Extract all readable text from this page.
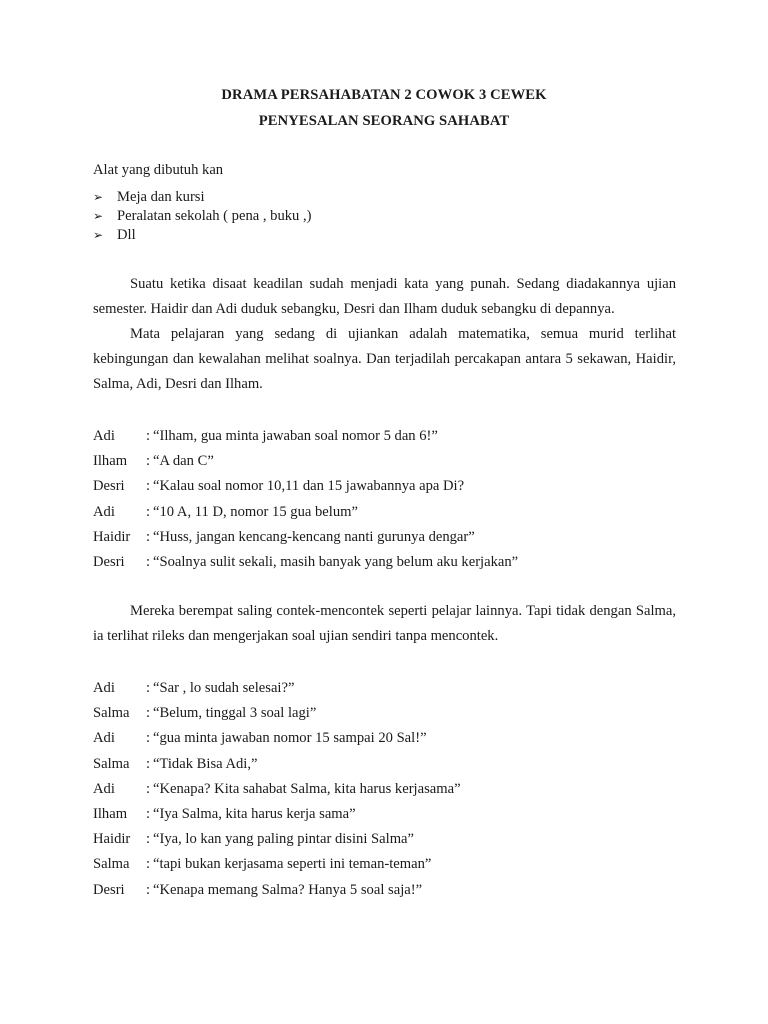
DRAMA PERSAHABATAN 2 COWOK 3 CEWEK
PENYESALAN SEORANG SAHABAT
Alat yang dibutuh kan
➢ Meja dan kursi
➢ Peralatan sekolah ( pena , buku ,)
➢ Dll

Suatu ketika disaat keadilan sudah menjadi kata yang punah. Sedang diadakannya ujian semester. Haidir dan Adi duduk sebangku, Desri dan Ilham duduk sebangku di depannya.

Mata pelajaran yang sedang di ujiankan adalah matematika, semua murid terlihat kebingungan dan kewalahan melihat soalnya. Dan terjadilah percakapan antara 5 sekawan, Haidir, Salma, Adi, Desri dan Ilham.

Adi	: “Ilham, gua minta jawaban soal nomor 5 dan 6!”
Ilham	: “A dan C”
Desri	: “Kalau soal nomor 10,11 dan 15 jawabannya apa Di?
Adi	: “10 A, 11 D, nomor 15 gua belum”
Haidir	: “Huss, jangan kencang-kencang nanti gurunya dengar”
Desri	: “Soalnya sulit sekali, masih banyak yang belum aku kerjakan”

Mereka berempat saling contek-mencontek seperti pelajar lainnya. Tapi tidak dengan Salma, ia terlihat rileks dan mengerjakan soal ujian sendiri tanpa mencontek.

Adi	: “Sar , lo sudah selesai?”
Salma	: “Belum, tinggal 3 soal lagi”
Adi	: “gua minta jawaban nomor 15 sampai 20 Sal!”
Salma	: “Tidak Bisa Adi,”
Adi	: “Kenapa? Kita sahabat Salma, kita harus kerjasama”
Ilham	: “Iya Salma, kita harus kerja sama”
Haidir	: “Iya, lo kan yang paling pintar disini Salma”
Salma	: “tapi bukan kerjasama seperti ini teman-teman”
Desri	: “Kenapa memang Salma? Hanya 5 soal saja!”
